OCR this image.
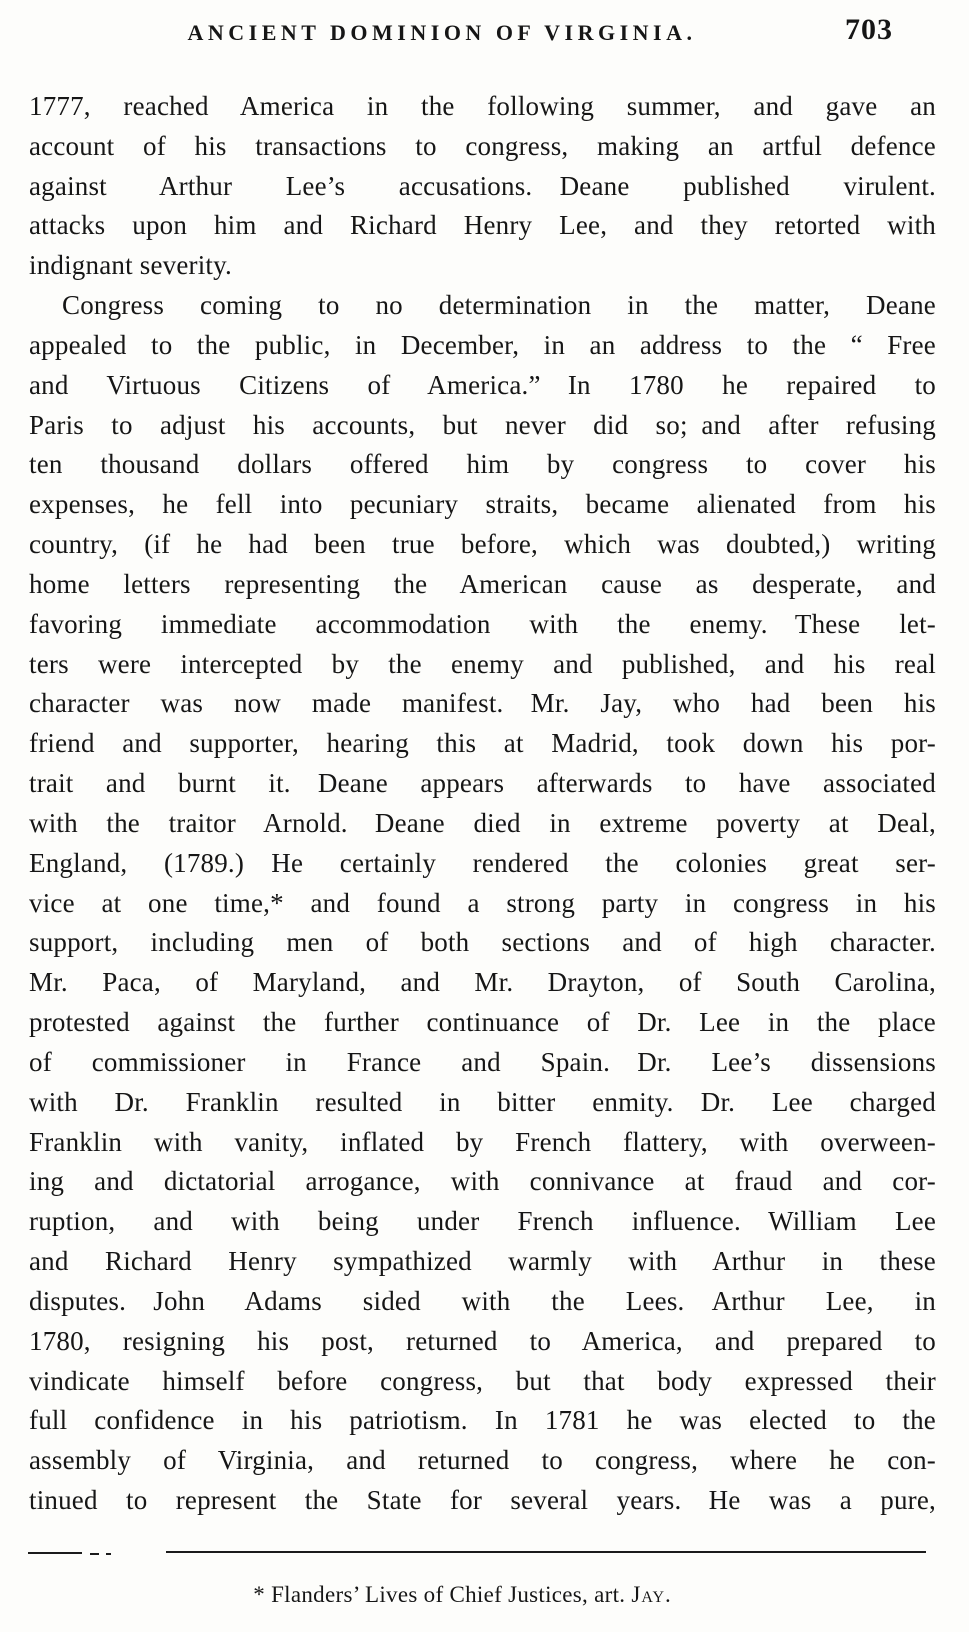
ANCIENT DOMINION OF VIRGINIA.	703
1777, reached America in the following summer, and gave an
account of his transactions to congress, making an artful defence
against Arthur Lee’s accusations. Deane published virulent.
attacks upon him and Richard Henry Lee, and they retorted with
indignant severity.
Congress coming to no determination in the matter, Deane
appealed to the public, in December, in an address to the “ Free
and Virtuous Citizens of America.” In 1780 he repaired to
Paris to adjust his accounts, but never did so; and after refusing
ten thousand dollars offered him by congress to cover his
expenses, he fell into pecuniary straits, became alienated from his
country, (if he had been true before, which was doubted,) writing
home letters representing the American cause as desperate, and
favoring immediate accommodation with the enemy. These let-
ters were intercepted by the enemy and published, and his real
character was now made manifest. Mr. Jay, who had been his
friend and supporter, hearing this at Madrid, took down his por-
trait and burnt it. Deane appears afterwards to have associated
with the traitor Arnold. Deane died in extreme poverty at Deal,
England, (1789.) He certainly rendered the colonies great ser-
vice at one time,* and found a strong party in congress in his
support, including men of both sections and of high character.
Mr. Paca, of Maryland, and Mr. Drayton, of South Carolina,
protested against the further continuance of Dr. Lee in the place
of commissioner in France and Spain. Dr. Lee’s dissensions
with Dr. Franklin resulted in bitter enmity. Dr. Lee charged
Franklin with vanity, inflated by French flattery, with overween-
ing and dictatorial arrogance, with connivance at fraud and cor-
ruption, and with being under French influence. William Lee
and Richard Henry sympathized warmly with Arthur in these
disputes. John Adams sided with the Lees. Arthur Lee, in
1780, resigning his post, returned to America, and prepared to
vindicate himself before congress, but that body expressed their
full confidence in his patriotism. In 1781 he was elected to the
assembly of Virginia, and returned to congress, where he con-
tinued to represent the State for several years. He was a pure,
* Flanders’ Lives of Chief Justices, art. Jay.
